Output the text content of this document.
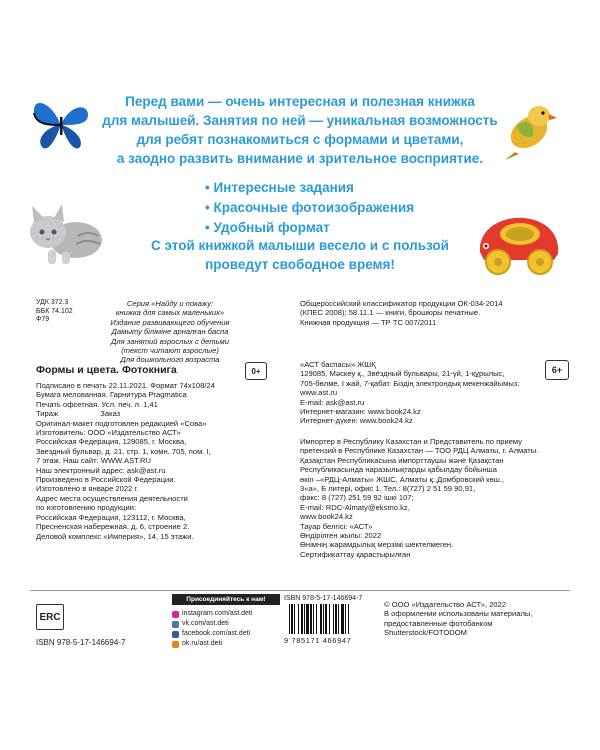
Перед вами — очень интересная и полезная книжка
для малышей. Занятия по ней — уникальная возможность
для ребят познакомиться с формами и цветами,
а заодно развить внимание и зрительное восприятие.
• Интересные задания
• Красочные фотоизображения
• Удобный формат
С этой книжкой малыши весело и с пользой
проведут свободное время!
УДК 372.3
ББК 74.102
Ф79
Серия «Найду и покажу:
книжка для самых маленьких»
Издание развивающего обучения
Дамыту біліміне арналған баспа
Для занятий взрослых с детьми
(текст читают взрослые)
Для дошкольного возраста
Формы и цвета. Фотокнига	0+
Подписано в печать 22.11.2021. Формат 74х108/24
Бумага мелованная. Гарнитура Pragmatica
Печать офсетная. Усл. печ. л. 1,41
Тираж                    Заказ
Оригинал-макет подготовлен редакцией «Сова»
Изготовитель: ООО «Издательство АСТ»
Российская Федерация, 129085, г. Москва,
Звездный бульвар, д. 21, стр. 1, комн. 705, пом. I,
7 этаж. Наш сайт: WWW.AST.RU
Наш электронный адрес: ask@ast.ru
Произведено в Российской Федерации.
Изготовлено в январе 2022 г.
Адрес места осуществления деятельности
по изготовлению продукции:
Российская Федерация, 123112, г. Москва,
Пресненская набережная, д. 6, строение 2.
Деловой комплекс «Империя», 14, 15 этажи.
Общероссийский классификатор продукции ОК-034-2014
(КПЕС 2008); 58.11.1 — книги, брошюры печатные.
Книжная продукция — ТР ТС 007/2011
«АСТ баспасы» ЖШҚ
129085, Мәскеу қ., Звёздный бульвары, 21-үй, 1-құрылыс,
705-бөлме, I жай, 7-қабат. Біздің электрондық мекенжайымыз:
www.ast.ru
E-mail: ask@ast.ru
Интернет-магазин: www.book24.kz
Интернет-дүкен: www.book24.kz
6+
Импортер в Республику Казахстан и Представитель по приему
претензий в Республике Казахстан — ТОО РДЦ Алматы, г. Алматы.
Қазақстан Республикасына импорттаушы және Қазақстан
Республикасында наразылықтарды қабылдау бойынша
өкіл –«РДЦ-Алматы» ЖШС, Алматы қ.,Домбровский көш.,
3«а», Б литері, офис 1. Тел.: 8(727) 2 51 59 90,91,
факс: 8 (727) 251 59 92 ішкі 107;
E-mail: RDC-Almaty@eksmo.kz,
www.book24.kz
Тауар белгісі: «АСТ»
Өндірілген жылы: 2022
Өнімнің жарамдылық мерзімі шектелмеген.
Сертификаттау қарастырылған
ERC
ISBN 978-5-17-146694-7
Присоединяйтесь к нам!
instagram.com/ast.deti
vk.com/ast.deti
facebook.com/ast.deti
ok.ru/ast.deti
ISBN 978-5-17-146694-7
9 785171 466947
© ООО «Издательство АСТ», 2022
В оформлении использованы материалы,
предоставленные фотобанком
Shutterstock/FOTODOM
